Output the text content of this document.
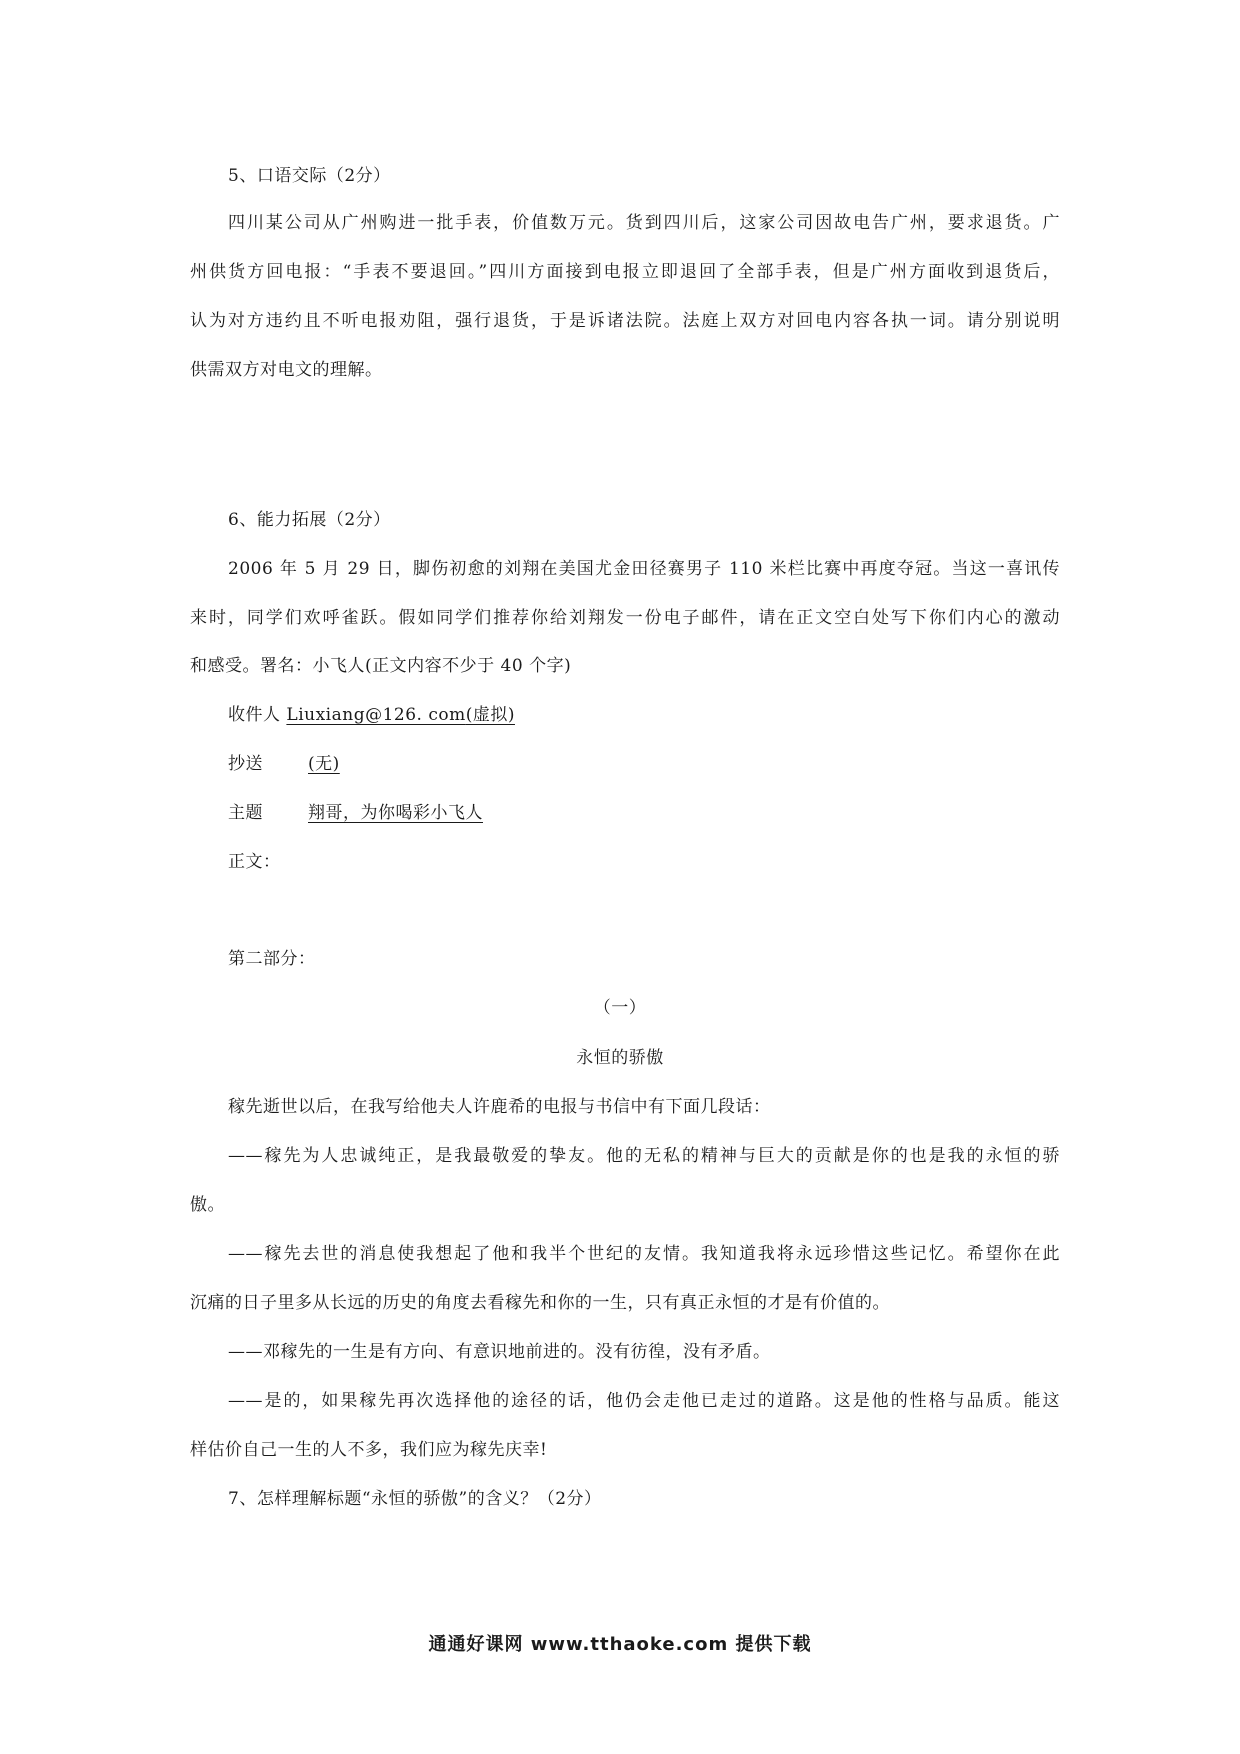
5、口语交际（2分）
四川某公司从广州购进一批手表，价值数万元。货到四川后，这家公司因故电告广州，要求退货。广
州供货方回电报：“手表不要退回。”四川方面接到电报立即退回了全部手表，但是广州方面收到退货后，
认为对方违约且不听电报劝阻，强行退货，于是诉诸法院。法庭上双方对回电内容各执一词。请分别说明
供需双方对电文的理解。
6、能力拓展（2分）
2006 年 5 月 29 日，脚伤初愈的刘翔在美国尤金田径赛男子 110 米栏比赛中再度夺冠。当这一喜讯传
来时，同学们欢呼雀跃。假如同学们推荐你给刘翔发一份电子邮件，请在正文空白处写下你们内心的激动
和感受。署名：小飞人(正文内容不少于 40 个字)
收件人 Liuxiang@126. com(虚拟)
抄送	(无)
主题	翔哥，为你喝彩小飞人
正文：
第二部分：
（一）
永恒的骄傲
稼先逝世以后，在我写给他夫人许鹿希的电报与书信中有下面几段话：
——稼先为人忠诚纯正，是我最敬爱的挚友。他的无私的精神与巨大的贡献是你的也是我的永恒的骄
傲。
——稼先去世的消息使我想起了他和我半个世纪的友情。我知道我将永远珍惜这些记忆。希望你在此
沉痛的日子里多从长远的历史的角度去看稼先和你的一生，只有真正永恒的才是有价值的。
——邓稼先的一生是有方向、有意识地前进的。没有彷徨，没有矛盾。
——是的，如果稼先再次选择他的途径的话，他仍会走他已走过的道路。这是他的性格与品质。能这
样估价自己一生的人不多，我们应为稼先庆幸!
7、怎样理解标题“永恒的骄傲”的含义？（2分）
通通好课网 www.tthaoke.com 提供下载
